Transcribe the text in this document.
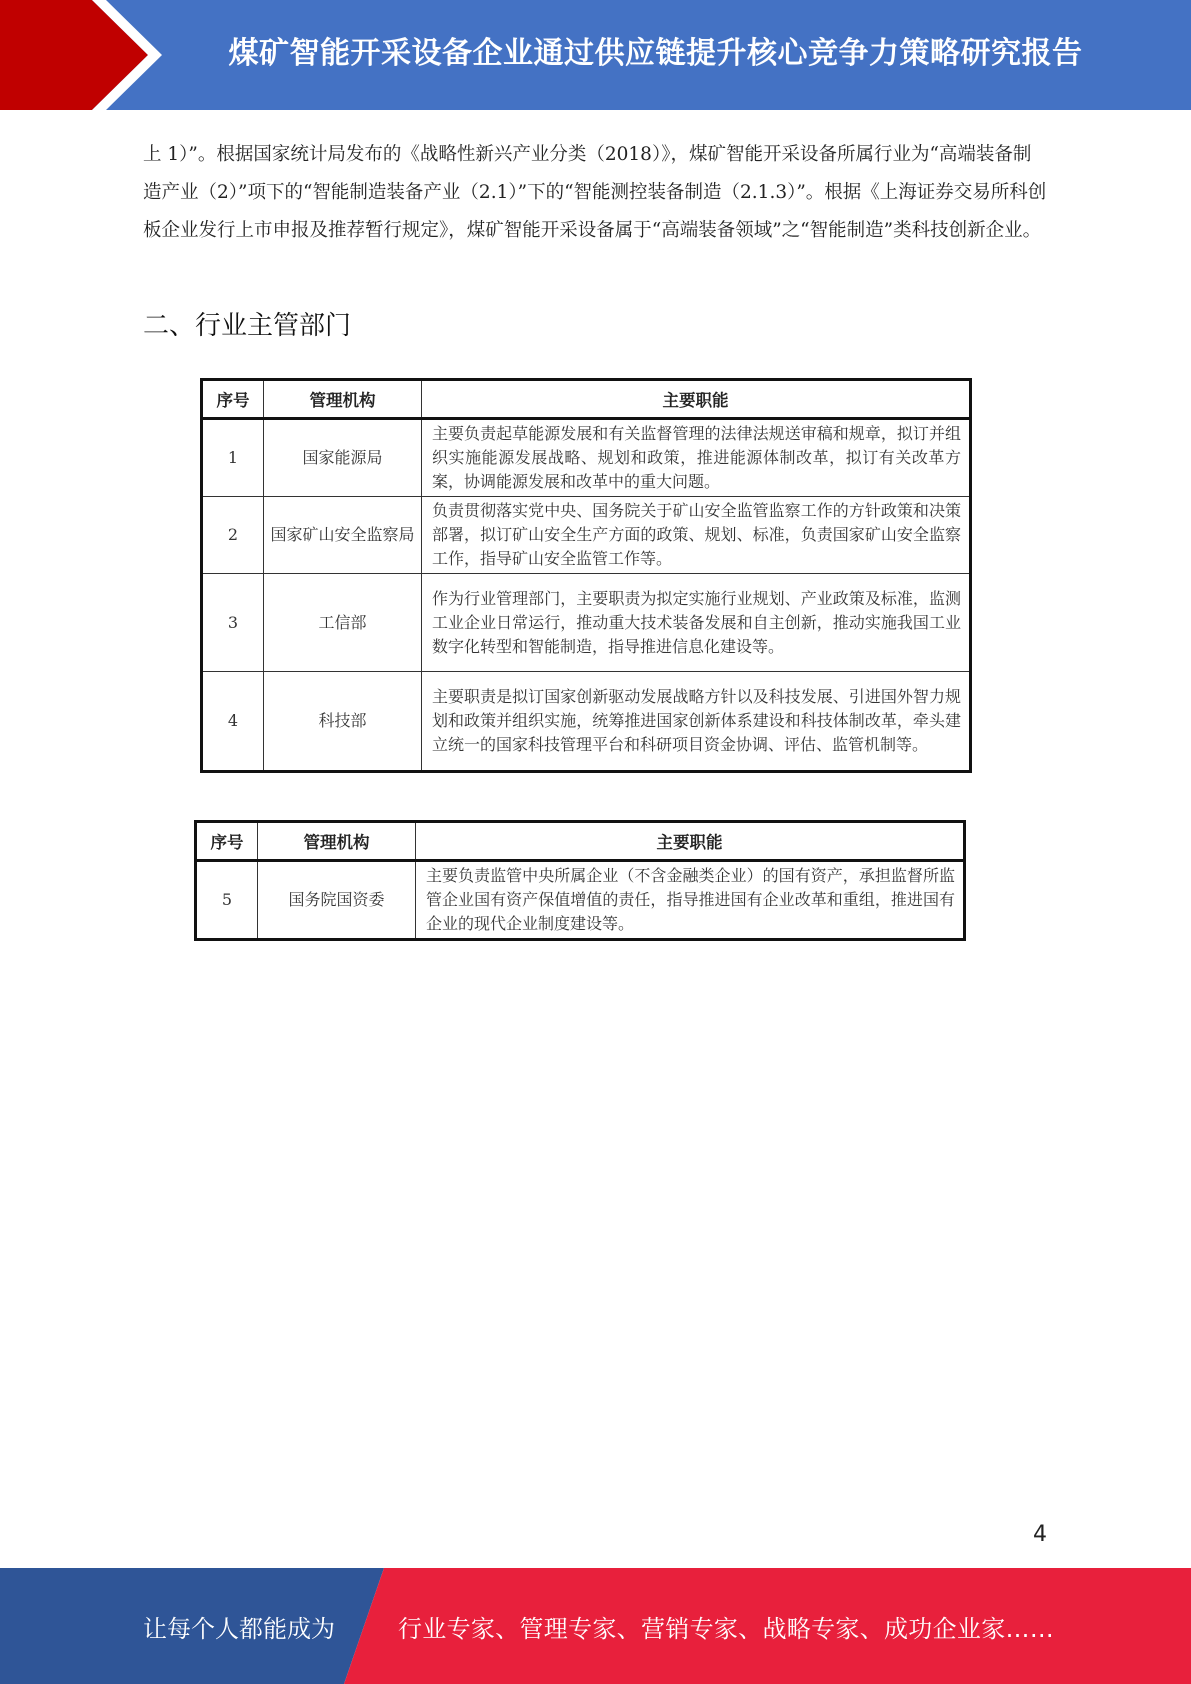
煤矿智能开采设备企业通过供应链提升核心竞争力策略研究报告

上 1）”。根据国家统计局发布的《战略性新兴产业分类（2018）》，煤矿智能开采设备所属行业为“高端装备制造产业（2）”项下的“智能制造装备产业（2.1）”下的“智能测控装备制造（2.1.3）”。根据《上海证券交易所科创板企业发行上市申报及推荐暂行规定》，煤矿智能开采设备属于“高端装备领域”之“智能制造”类科技创新企业。

二、行业主管部门
序号	管理机构	主要职能
1	国家能源局	主要负责起草能源发展和有关监督管理的法律法规送审稿和规章，拟订并组织实施能源发展战略、规划和政策，推进能源体制改革，拟订有关改革方案，协调能源发展和改革中的重大问题。
2	国家矿山安全监察局	负责贯彻落实党中央、国务院关于矿山安全监管监察工作的方针政策和决策部署，拟订矿山安全生产方面的政策、规划、标准，负责国家矿山安全监察工作，指导矿山安全监管工作等。
3	工信部	作为行业管理部门，主要职责为拟定实施行业规划、产业政策及标准，监测工业企业日常运行，推动重大技术装备发展和自主创新，推动实施我国工业数字化转型和智能制造，指导推进信息化建设等。
4	科技部	主要职责是拟订国家创新驱动发展战略方针以及科技发展、引进国外智力规划和政策并组织实施，统筹推进国家创新体系建设和科技体制改革，牵头建立统一的国家科技管理平台和科研项目资金协调、评估、监管机制等。
序号	管理机构	主要职能
5	国务院国资委	主要负责监管中央所属企业（不含金融类企业）的国有资产，承担监督所监管企业国有资产保值增值的责任，指导推进国有企业改革和重组，推进国有企业的现代企业制度建设等。
4
让每个人都能成为	行业专家、管理专家、营销专家、战略专家、成功企业家……
